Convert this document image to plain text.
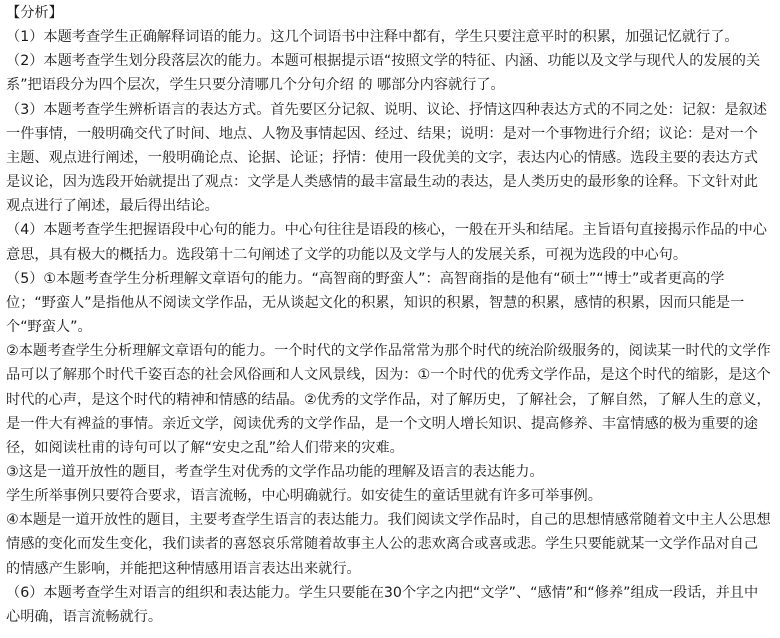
【分析】

（1）本题考查学生正确解释词语的能力。这几个词语书中注释中都有，学生只要注意平时的积累，加强记忆就行了。

（2）本题考查学生划分段落层次的能力。本题可根据提示语“按照文学的特征、内涵、功能以及文学与现代人的发展的关系”把语段分为四个层次，学生只要分清哪几个分句介绍 的 哪部分内容就行了。

（3）本题考查学生辨析语言的表达方式。首先要区分记叙、说明、议论、抒情这四种表达方式的不同之处：记叙：是叙述一件事情，一般明确交代了时间、地点、人物及事情起因、经过、结果；说明：是对一个事物进行介绍；议论：是对一个主题、观点进行阐述，一般明确论点、论据、论证；抒情：使用一段优美的文字，表达内心的情感。选段主要的表达方式是议论，因为选段开始就提出了观点：文学是人类感情的最丰富最生动的表达，是人类历史的最形象的诠释。下文针对此观点进行了阐述，最后得出结论。

（4）本题考查学生把握语段中心句的能力。中心句往往是语段的核心，一般在开头和结尾。主旨语句直接揭示作品的中心意思，具有极大的概括力。选段第十二句阐述了文学的功能以及文学与人的发展关系，可视为选段的中心句。

（5）①本题考查学生分析理解文章语句的能力。“高智商的野蛮人”：高智商指的是他有“硕士”“博士”或者更高的学位；“野蛮人”是指他从不阅读文学作品，无从谈起文化的积累，知识的积累，智慧的积累，感情的积累，因而只能是一个“野蛮人”。

②本题考查学生分析理解文章语句的能力。一个时代的文学作品常常为那个时代的统治阶级服务的，阅读某一时代的文学作品可以了解那个时代千姿百态的社会风俗画和人文风景线，因为：①一个时代的优秀文学作品，是这个时代的缩影，是这个时代的心声，是这个时代的精神和情感的结晶。②优秀的文学作品，对了解历史，了解社会，了解自然，了解人生的意义，是一件大有裨益的事情。亲近文学，阅读优秀的文学作品，是一个文明人增长知识、提高修养、丰富情感的极为重要的途径，如阅读杜甫的诗句可以了解“安史之乱”给人们带来的灾难。

③这是一道开放性的题目，考查学生对优秀的文学作品功能的理解及语言的表达能力。

学生所举事例只要符合要求，语言流畅，中心明确就行。如安徒生的童话里就有许多可举事例。

④本题是一道开放性的题目，主要考查学生语言的表达能力。我们阅读文学作品时，自己的思想情感常随着文中主人公思想情感的变化而发生变化，我们读者的喜怒哀乐常随着故事主人公的悲欢离合或喜或悲。学生只要能就某一文学作品对自己的情感产生影响，并能把这种情感用语言表达出来就行。

（6）本题考查学生对语言的组织和表达能力。学生只要能在30个字之内把“文学”、“感情”和“修养”组成一段话，并且中心明确，语言流畅就行。
